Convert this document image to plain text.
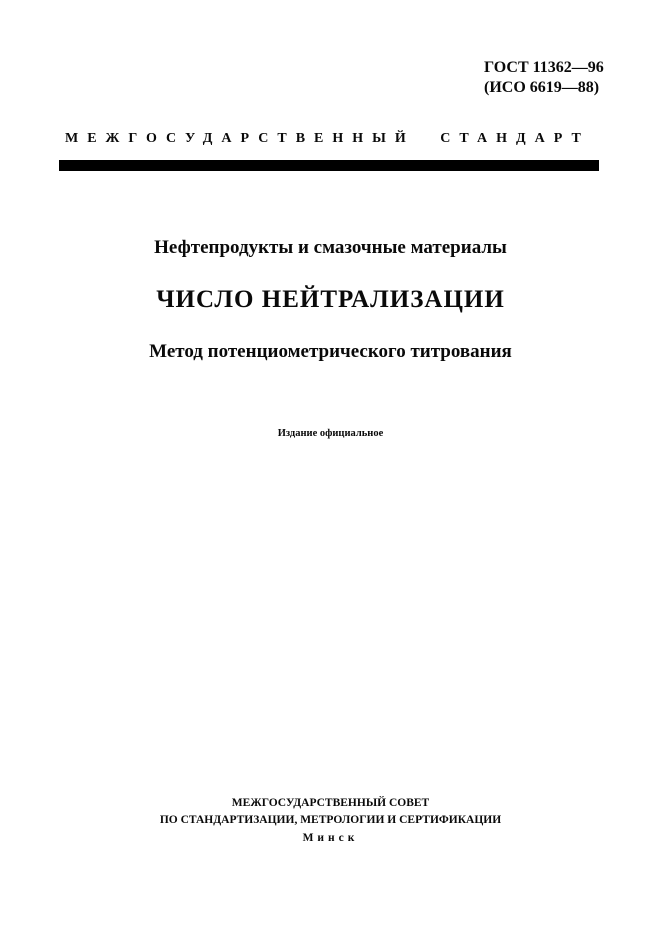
ГОСТ 11362—96
(ИСО 6619—88)
МЕЖГОСУДАРСТВЕННЫЙ СТАНДАРТ
Нефтепродукты и смазочные материалы
ЧИСЛО НЕЙТРАЛИЗАЦИИ
Метод потенциометрического титрования
Издание официальное
МЕЖГОСУДАРСТВЕННЫЙ СОВЕТ
ПО СТАНДАРТИЗАЦИИ, МЕТРОЛОГИИ И СЕРТИФИКАЦИИ
Минск
